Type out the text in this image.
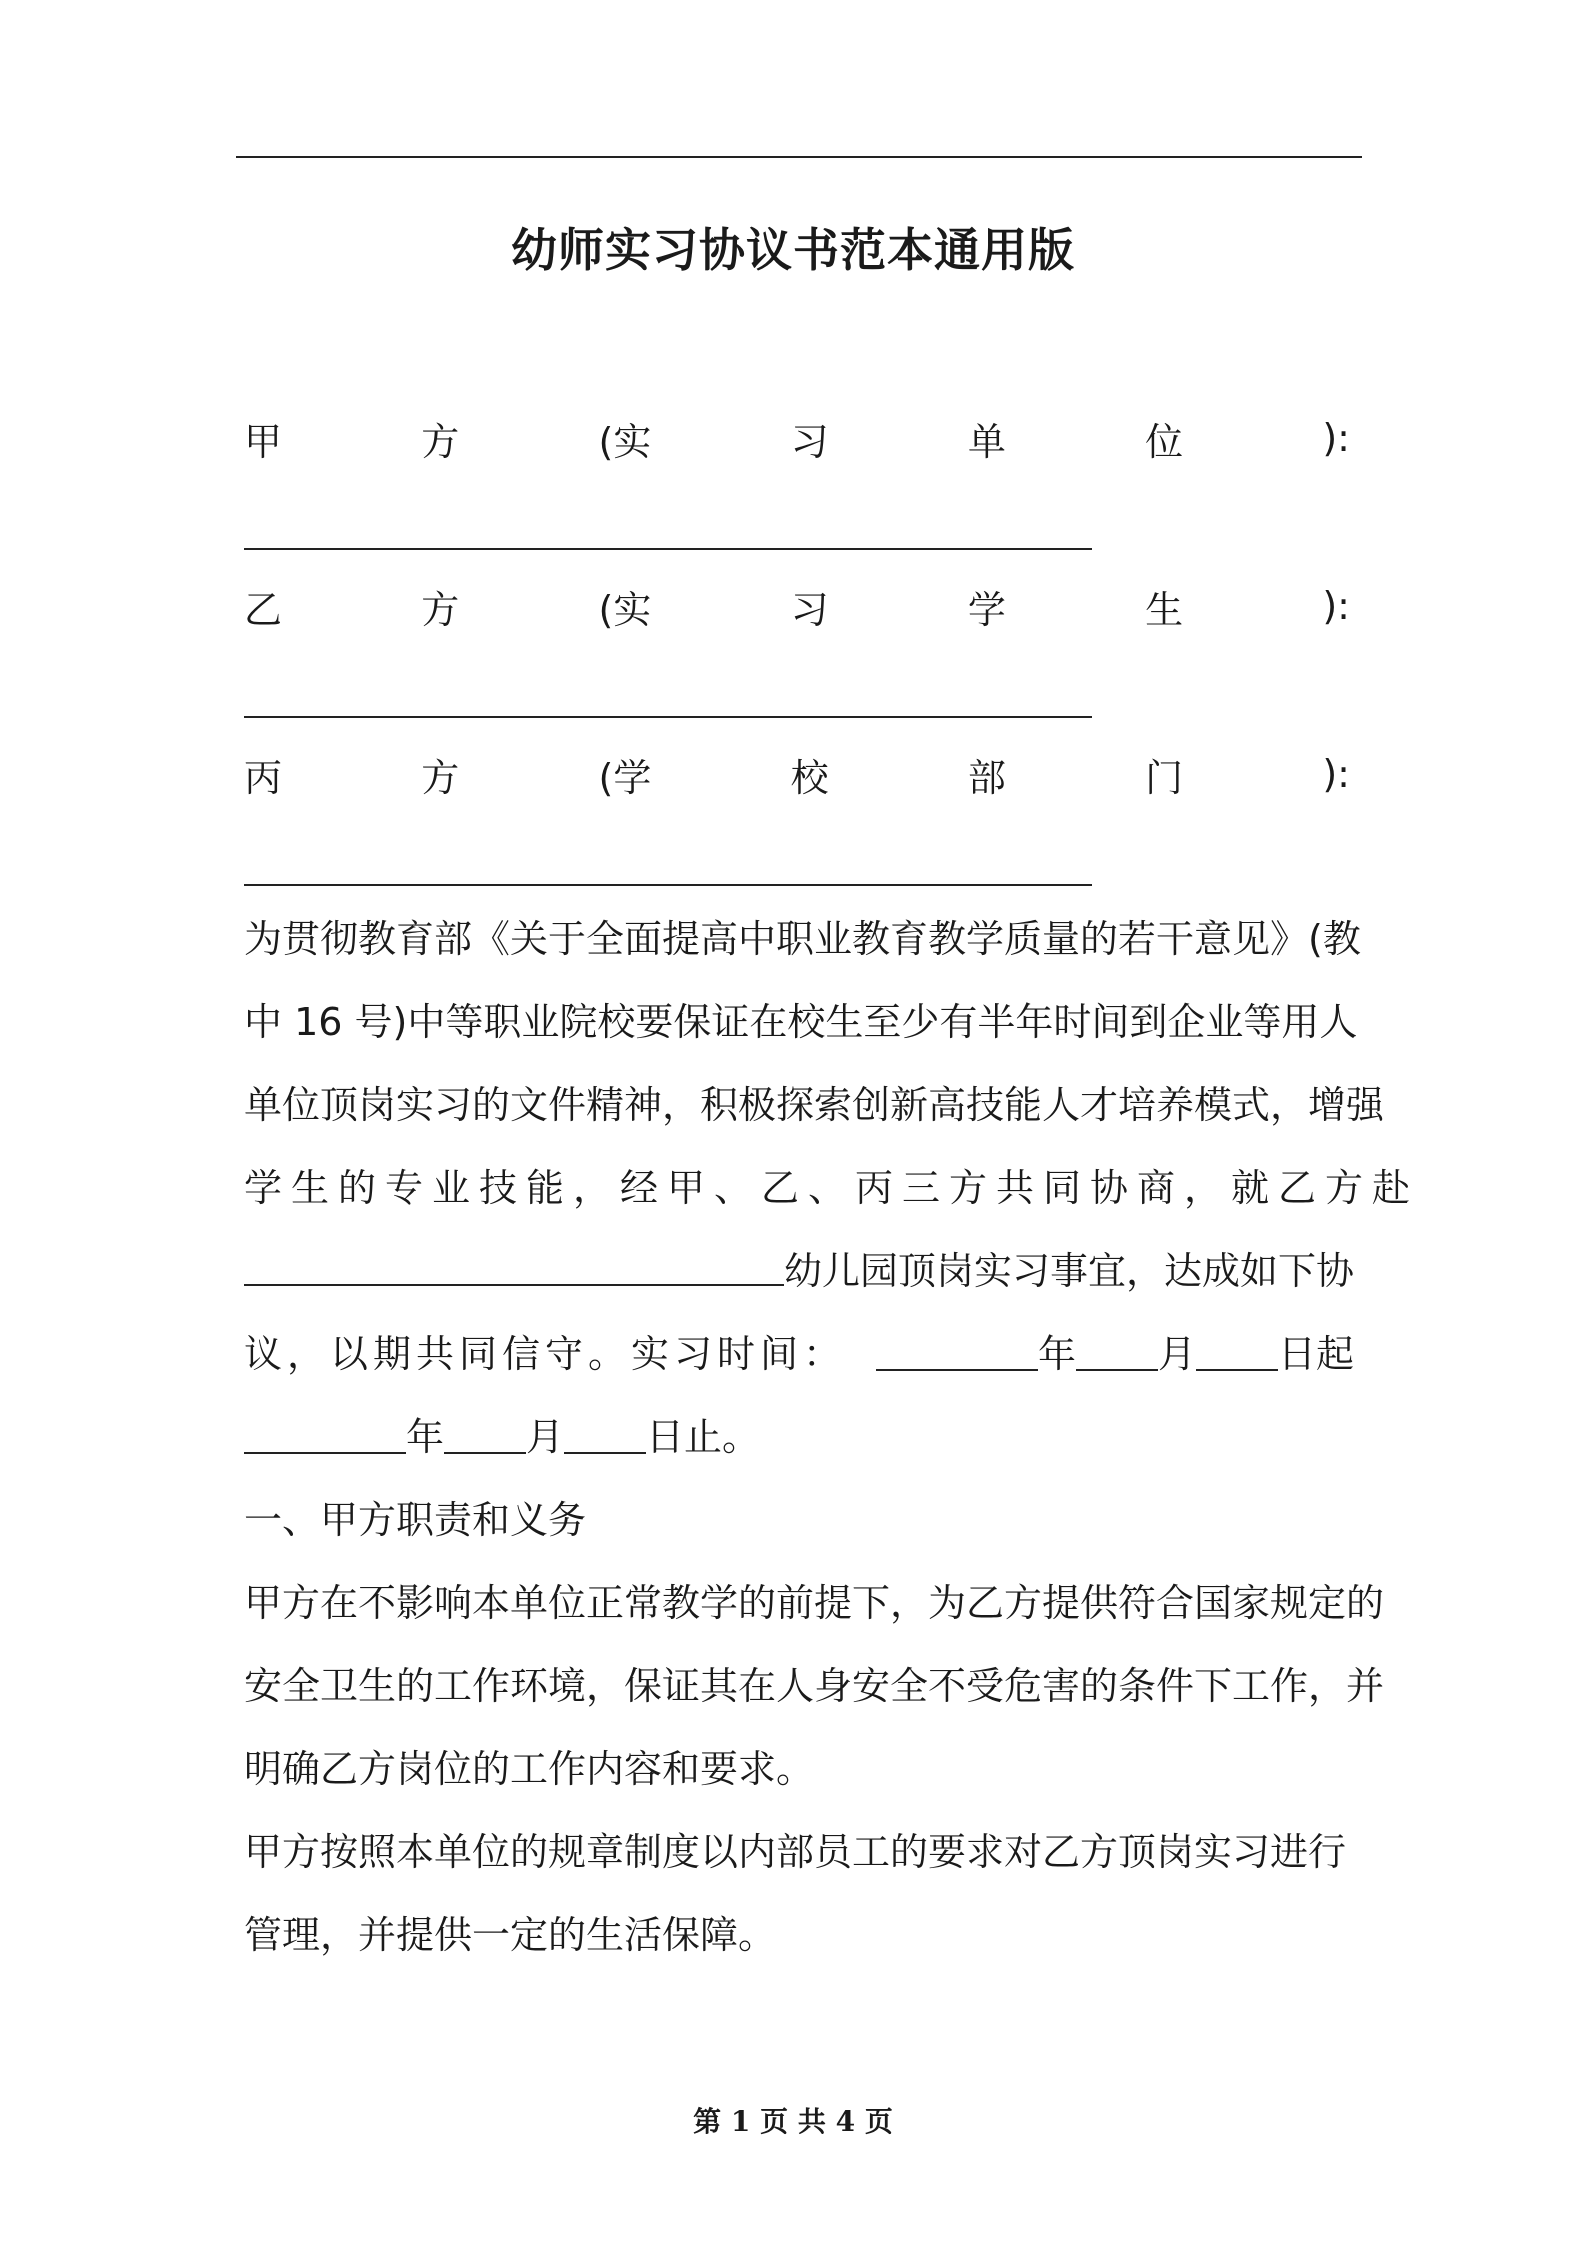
幼师实习协议书范本通用版
甲	方	(实	习	单	位	):
乙	方	(实	习	学	生	):
丙	方	(学	校	部	门	):
为贯彻教育部《关于全面提高中职业教育教学质量的若干意见》(教
中 16 号)中等职业院校要保证在校生至少有半年时间到企业等用人
单位顶岗实习的文件精神，积极探索创新高技能人才培养模式，增强
学生的专业技能，经甲、乙、丙三方共同协商，就乙方赴
幼儿园顶岗实习事宜，达成如下协
议，以期共同信守。实习时间：	年 月 日起
年 月 日止。
一、甲方职责和义务
甲方在不影响本单位正常教学的前提下，为乙方提供符合国家规定的
安全卫生的工作环境，保证其在人身安全不受危害的条件下工作，并
明确乙方岗位的工作内容和要求。
甲方按照本单位的规章制度以内部员工的要求对乙方顶岗实习进行
管理，并提供一定的生活保障。
第 1 页 共 4 页
